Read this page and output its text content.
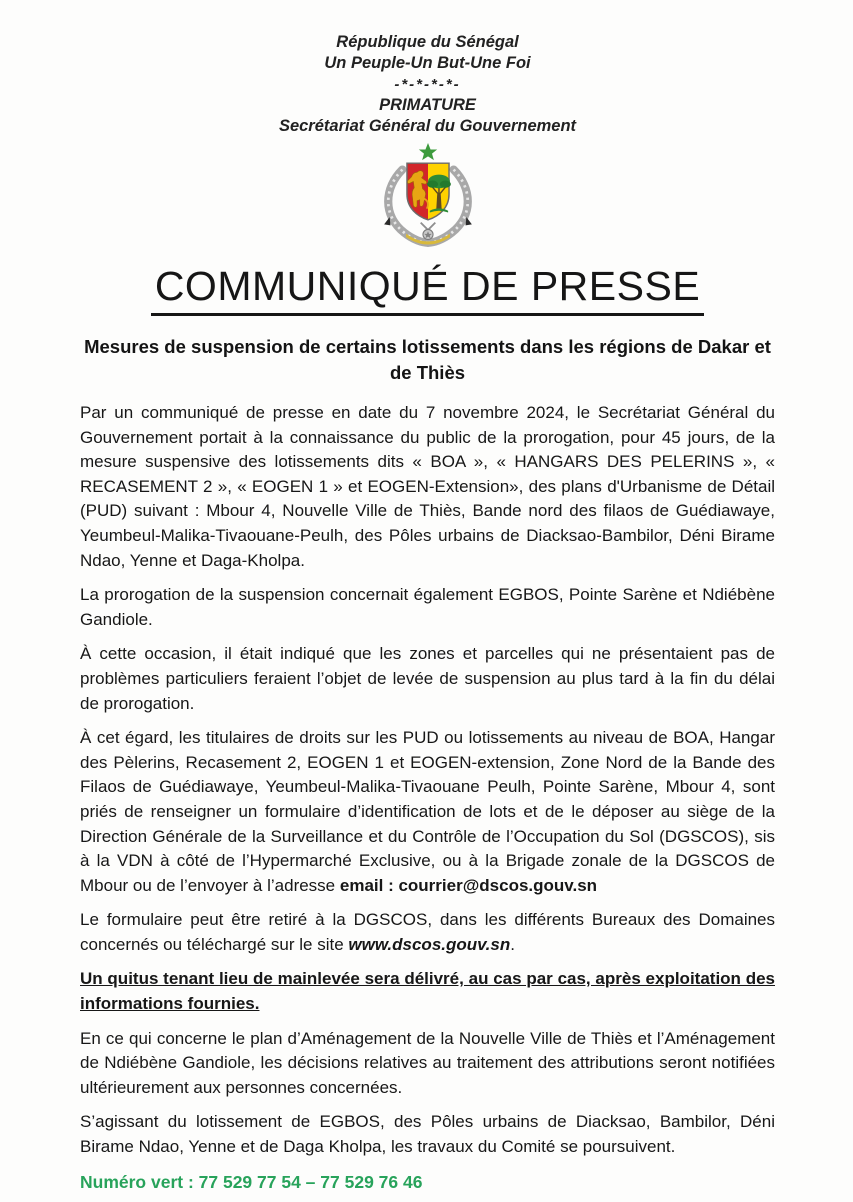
République du Sénégal
Un Peuple-Un But-Une Foi
-*-*-*-*-
PRIMATURE
Secrétariat Général du Gouvernement
COMMUNIQUÉ DE PRESSE
Mesures de suspension de certains lotissements dans les régions de Dakar et de Thiès

Par un communiqué de presse en date du 7 novembre 2024, le Secrétariat Général du Gouvernement portait à la connaissance du public de la prorogation, pour 45 jours, de la mesure suspensive des lotissements dits « BOA », « HANGARS DES PELERINS », « RECASEMENT 2 », « EOGEN 1 » et EOGEN-Extension», des plans d'Urbanisme de Détail (PUD) suivant : Mbour 4, Nouvelle Ville de Thiès, Bande nord des filaos de Guédiawaye, Yeumbeul-Malika-Tivaouane-Peulh, des Pôles urbains de Diacksao-Bambilor, Déni Birame Ndao, Yenne et Daga-Kholpa.

La prorogation de la suspension concernait également EGBOS, Pointe Sarène et Ndiébène Gandiole.

À cette occasion, il était indiqué que les zones et parcelles qui ne présentaient pas de problèmes particuliers feraient l’objet de levée de suspension au plus tard à la fin du délai de prorogation.

À cet égard, les titulaires de droits sur les PUD ou lotissements au niveau de BOA, Hangar des Pèlerins, Recasement 2, EOGEN 1 et EOGEN-extension, Zone Nord de la Bande des Filaos de Guédiawaye, Yeumbeul-Malika-Tivaouane Peulh, Pointe Sarène, Mbour 4, sont priés de renseigner un formulaire d’identification de lots et de le déposer au siège de la Direction Générale de la Surveillance et du Contrôle de l’Occupation du Sol (DGSCOS), sis à la VDN à côté de l’Hypermarché Exclusive, ou à la Brigade zonale de la DGSCOS de Mbour ou de l’envoyer à l’adresse email : courrier@dscos.gouv.sn

Le formulaire peut être retiré à la DGSCOS, dans les différents Bureaux des Domaines concernés ou téléchargé sur le site www.dscos.gouv.sn.

Un quitus tenant lieu de mainlevée sera délivré, au cas par cas, après exploitation des informations fournies.

En ce qui concerne le plan d’Aménagement de la Nouvelle Ville de Thiès et l’Aménagement de Ndiébène Gandiole, les décisions relatives au traitement des attributions seront notifiées ultérieurement aux personnes concernées.

S’agissant du lotissement de EGBOS, des Pôles urbains de Diacksao, Bambilor, Déni Birame Ndao, Yenne et de Daga Kholpa, les travaux du Comité se poursuivent.

Numéro vert : 77 529 77 54 – 77 529 76 46
